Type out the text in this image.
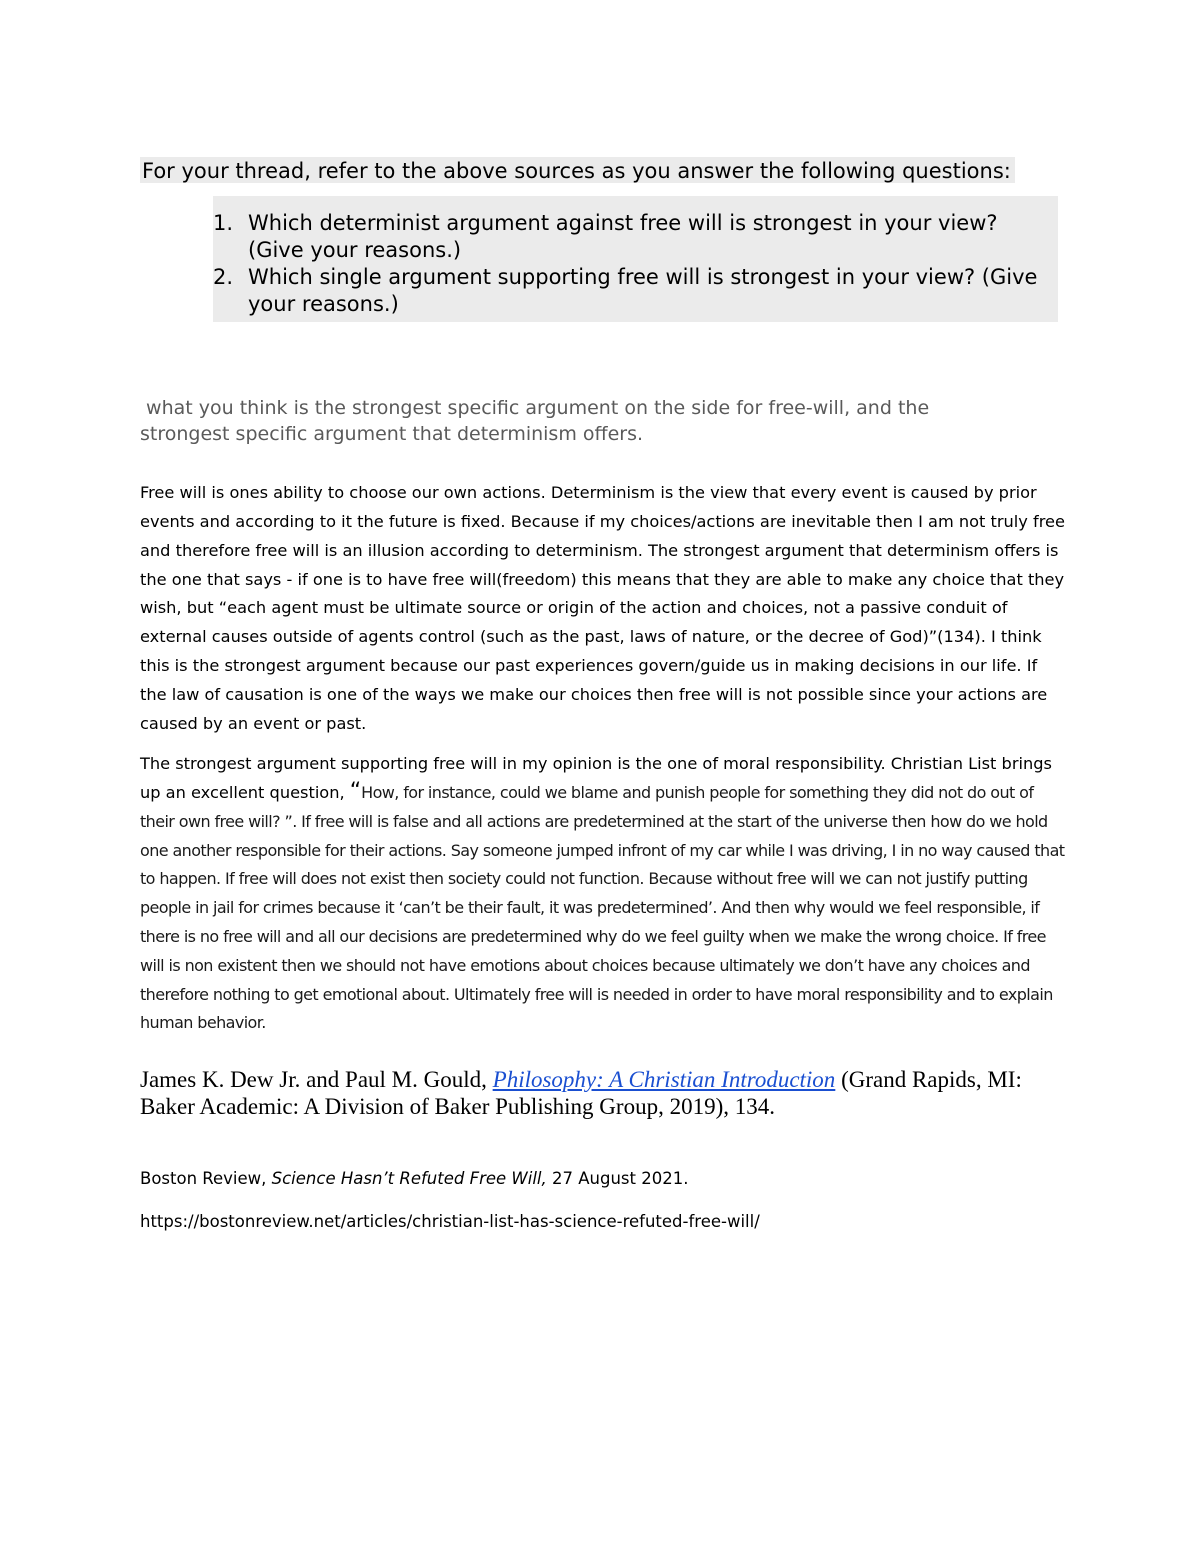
For your thread, refer to the above sources as you answer the following questions:
Which determinist argument against free will is strongest in your view? (Give your reasons.)
Which single argument supporting free will is strongest in your view? (Give your reasons.)
what you think is the strongest specific argument on the side for free-will, and the strongest specific argument that determinism offers.

Free will is ones ability to choose our own actions. Determinism is the view that every event is caused by prior events and according to it the future is fixed. Because if my choices/actions are inevitable then I am not truly free and therefore free will is an illusion according to determinism. The strongest argument that determinism offers is the one that says - if one is to have free will(freedom) this means that they are able to make any choice that they wish, but “each agent must be ultimate source or origin of the action and choices, not a passive conduit of external causes outside of agents control (such as the past, laws of nature, or the decree of God)”(134). I think this is the strongest argument because our past experiences govern/guide us in making decisions in our life. If the law of causation is one of the ways we make our choices then free will is not possible since your actions are caused by an event or past.

The strongest argument supporting free will in my opinion is the one of moral responsibility. Christian List brings up an excellent question, “How, for instance, could we blame and punish people for something they did not do out of their own free will? ”. If free will is false and all actions are predetermined at the start of the universe then how do we hold one another responsible for their actions. Say someone jumped infront of my car while I was driving, I in no way caused that to happen. If free will does not exist then society could not function. Because without free will we can not justify putting people in jail for crimes because it ‘can’t be their fault, it was predetermined’. And then why would we feel responsible, if there is no free will and all our decisions are predetermined why do we feel guilty when we make the wrong choice. If free will is non existent then we should not have emotions about choices because ultimately we don’t have any choices and therefore nothing to get emotional about. Ultimately free will is needed in order to have moral responsibility and to explain human behavior.

James K. Dew Jr. and Paul M. Gould, Philosophy: A Christian Introduction (Grand Rapids, MI: Baker Academic: A Division of Baker Publishing Group, 2019), 134.
Boston Review, Science Hasn’t Refuted Free Will, 27 August 2021.
https://bostonreview.net/articles/christian-list-has-science-refuted-free-will/
